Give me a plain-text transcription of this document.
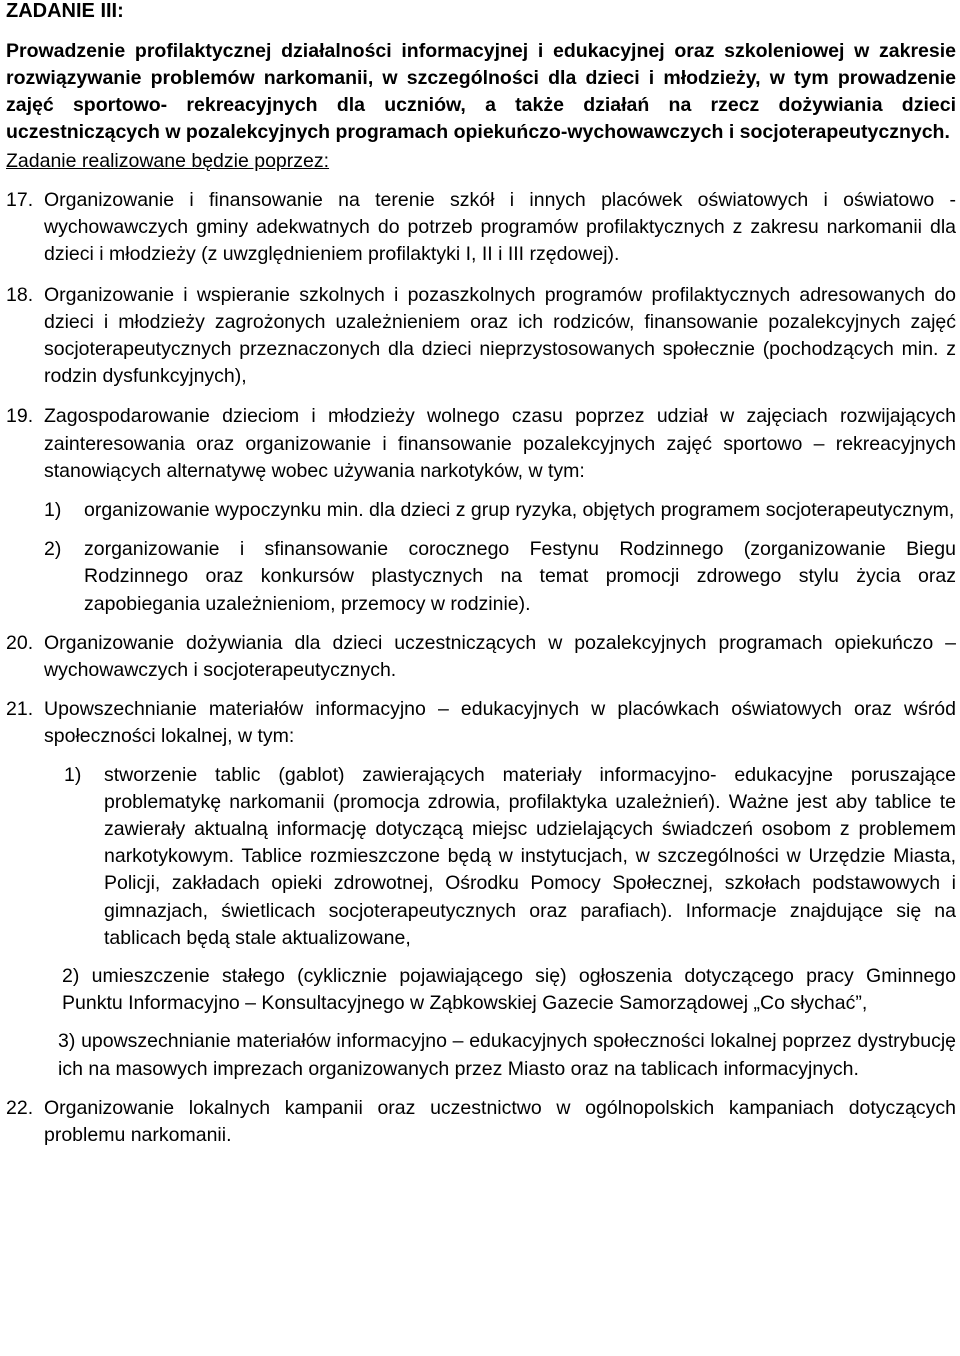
ZADANIE III:

Prowadzenie profilaktycznej działalności informacyjnej i edukacyjnej oraz szkoleniowej w zakresie rozwiązywanie problemów narkomanii, w szczególności dla dzieci i młodzieży, w tym prowadzenie zajęć sportowo- rekreacyjnych dla uczniów, a także działań na rzecz dożywiania dzieci uczestniczących w pozalekcyjnych programach opiekuńczo-wychowawczych i socjoterapeutycznych.

Zadanie realizowane będzie poprzez:

17. Organizowanie i finansowanie na terenie szkół i innych placówek oświatowych i oświatowo - wychowawczych gminy adekwatnych do potrzeb programów profilaktycznych z zakresu narkomanii dla dzieci i młodzieży (z uwzględnieniem profilaktyki I, II i III rzędowej).

18. Organizowanie i wspieranie szkolnych i pozaszkolnych programów profilaktycznych adresowanych do dzieci i młodzieży zagrożonych uzależnieniem oraz ich rodziców, finansowanie pozalekcyjnych zajęć socjoterapeutycznych przeznaczonych dla dzieci nieprzystosowanych społecznie (pochodzących min. z rodzin dysfunkcyjnych),

19. Zagospodarowanie dzieciom i młodzieży wolnego czasu poprzez udział w zajęciach rozwijających zainteresowania oraz organizowanie i finansowanie pozalekcyjnych zajęć sportowo – rekreacyjnych stanowiących alternatywę wobec używania narkotyków, w tym:

1) organizowanie wypoczynku min. dla dzieci z grup ryzyka, objętych programem socjoterapeutycznym,

2) zorganizowanie i sfinansowanie corocznego Festynu Rodzinnego (zorganizowanie Biegu Rodzinnego oraz konkursów plastycznych na temat promocji zdrowego stylu życia oraz zapobiegania uzależnieniom, przemocy w rodzinie).

20. Organizowanie dożywiania dla dzieci uczestniczących w pozalekcyjnych programach opiekuńczo – wychowawczych i socjoterapeutycznych.

21. Upowszechnianie materiałów informacyjno – edukacyjnych w placówkach oświatowych oraz wśród społeczności lokalnej, w tym:

1) stworzenie tablic (gablot) zawierających materiały informacyjno- edukacyjne poruszające problematykę narkomanii (promocja zdrowia, profilaktyka uzależnień). Ważne jest aby tablice te zawierały aktualną informację dotyczącą miejsc udzielających świadczeń osobom z problemem narkotykowym. Tablice rozmieszczone będą w instytucjach, w szczególności w Urzędzie Miasta, Policji, zakładach opieki zdrowotnej, Ośrodku Pomocy Społecznej, szkołach podstawowych i gimnazjach, świetlicach socjoterapeutycznych oraz parafiach). Informacje znajdujące się na tablicach będą stale aktualizowane,

2) umieszczenie stałego (cyklicznie pojawiającego się) ogłoszenia dotyczącego pracy Gminnego Punktu Informacyjno – Konsultacyjnego w Ząbkowskiej Gazecie Samorządowej „Co słychać”,

3) upowszechnianie materiałów informacyjno – edukacyjnych społeczności lokalnej poprzez dystrybucję ich na masowych imprezach organizowanych przez Miasto oraz na tablicach informacyjnych.

22. Organizowanie lokalnych kampanii oraz uczestnictwo w ogólnopolskich kampaniach dotyczących problemu narkomanii.
